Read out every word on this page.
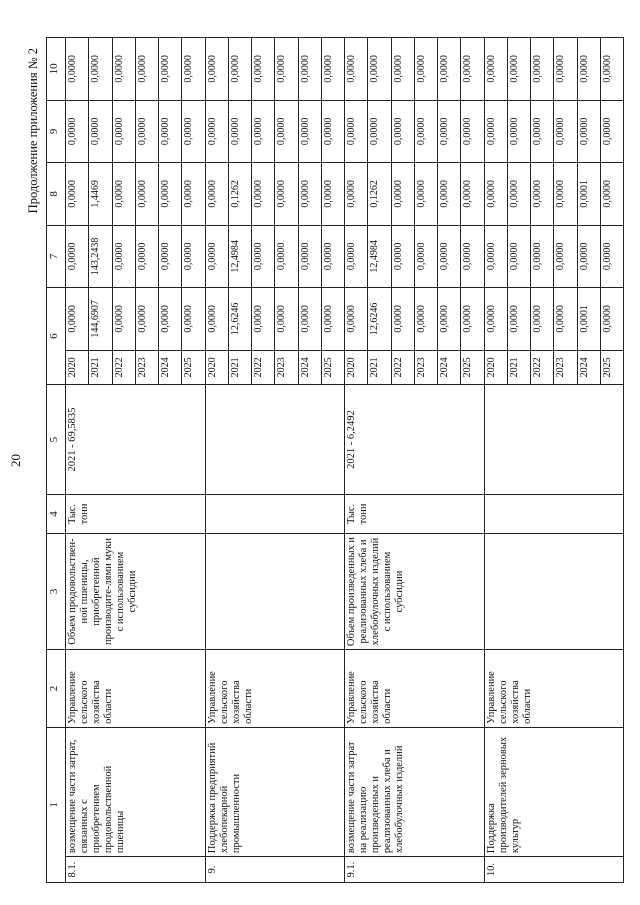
20
Продолжение приложения № 2
1		2	3	4	5	6		7	8	9	10
8.1.	возмещение части затрат, связанных с приобретением продовольственной пшеницы	Управление сельского хозяйства области	Объем продовольствен-ной пшеницы, приобретенной производите-лями муки с использованием субсидии	Тыс. тонн	2021 - 69,5835	2020	0,0000	0,0000	0,0000	0,0000	0,0000
						2021	144,6907	143,2438	1,4469	0,0000	0,0000
						2022	0,0000	0,0000	0,0000	0,0000	0,0000
						2023	0,0000	0,0000	0,0000	0,0000	0,0000
						2024	0,0000	0,0000	0,0000	0,0000	0,0000
						2025	0,0000	0,0000	0,0000	0,0000	0,0000
9.	Поддержка предприятий хлебопекарной промышленности	Управление сельского хозяйства области				2020	0,0000	0,0000	0,0000	0,0000	0,0000
						2021	12,6246	12,4984	0,1262	0,0000	0,0000
						2022	0,0000	0,0000	0,0000	0,0000	0,0000
						2023	0,0000	0,0000	0,0000	0,0000	0,0000
						2024	0,0000	0,0000	0,0000	0,0000	0,0000
						2025	0,0000	0,0000	0,0000	0,0000	0,0000
9.1.	возмещение части затрат на реализацию произведенных и реализованных хлеба и хлебобулочных изделий	Управление сельского хозяйства области	Объем произведенных и реализованных хлеба и хлебобулочных изделий с использованием субсидии	Тыс. тонн	2021 - 6,2492	2020	0,0000	0,0000	0,0000	0,0000	0,0000
						2021	12,6246	12,4984	0,1262	0,0000	0,0000
						2022	0,0000	0,0000	0,0000	0,0000	0,0000
						2023	0,0000	0,0000	0,0000	0,0000	0,0000
						2024	0,0000	0,0000	0,0000	0,0000	0,0000
						2025	0,0000	0,0000	0,0000	0,0000	0,0000
10.	Поддержка производителей зерновых культур	Управление сельского хозяйства области				2020	0,0000	0,0000	0,0000	0,0000	0,0000
						2021	0,0000	0,0000	0,0000	0,0000	0,0000
						2022	0,0000	0,0000	0,0000	0,0000	0,0000
						2023	0,0000	0,0000	0,0000	0,0000	0,0000
						2024	0,0001	0,0000	0,0001	0,0000	0,0000
						2025	0,0000	0,0000	0,0000	0,0000	0,0000
